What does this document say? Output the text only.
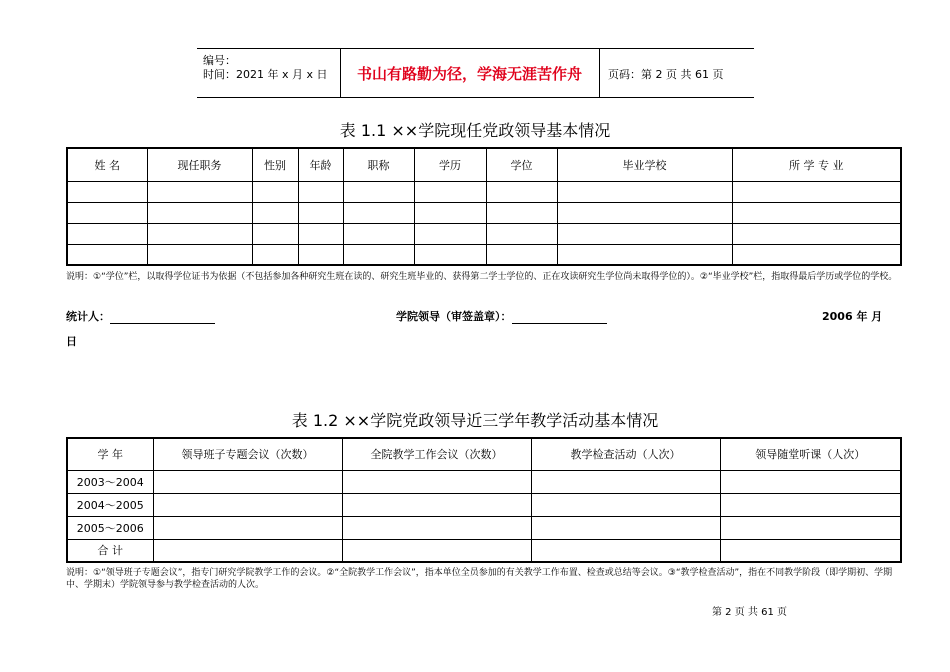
编号：
时间：2021 年 x 月 x 日	书山有路勤为径，学海无涯苦作舟	页码：第 2 页 共 61 页
表 1.1 ××学院现任党政领导基本情况
姓 名	现任职务	性别	年龄	职称	学历	学位	毕业学校	所 学 专 业

说明：①“学位”栏，以取得学位证书为依据（不包括参加各种研究生班在读的、研究生班毕业的、获得第二学士学位的、正在攻读研究生学位尚未取得学位的）。②“毕业学校”栏，指取得最后学历或学位的学校。
统计人：	学院领导（审签盖章）：	2006 年 月
日
表 1.2 ××学院党政领导近三学年教学活动基本情况
学 年	领导班子专题会议（次数）	全院教学工作会议（次数）	教学检查活动（人次）	领导随堂听课（人次）
2003～2004				
2004～2005				
2005～2006				
合 计				
说明：①“领导班子专题会议”，指专门研究学院教学工作的会议。②“全院教学工作会议”，指本单位全员参加的有关教学工作布置、检查或总结等会议。③“教学检查活动”，指在不同教学阶段（即学期初、学期中、学期末）学院领导参与教学检查活动的人次。
第 2 页 共 61 页
